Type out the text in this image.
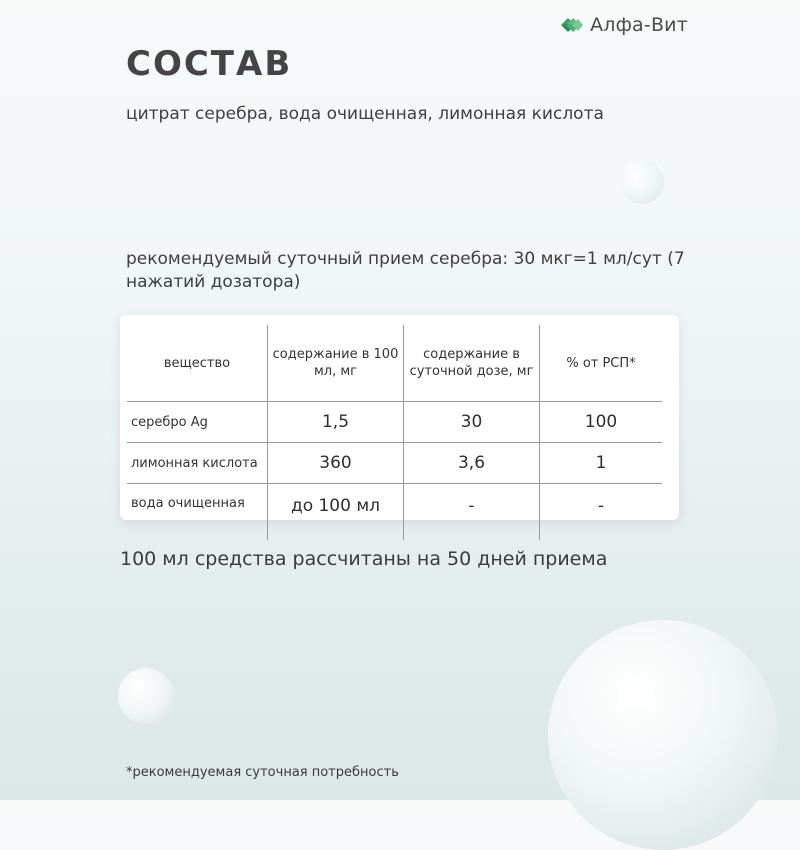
Алфа-Вит
СОСТАВ
цитрат серебра, вода очищенная, лимонная кислота
рекомендуемый суточный прием серебра: 30 мкг=1 мл/сут (7 нажатий дозатора)
вещество	содержание в 100 мл, мг	содержание в суточной дозе, мг	% от РСП*
серебро Ag	1,5	30	100
лимонная кислота	360	3,6	1
вода очищенная	до 100 мл	-	-
100 мл средства рассчитаны на 50 дней приема
*рекомендуемая суточная потребность
